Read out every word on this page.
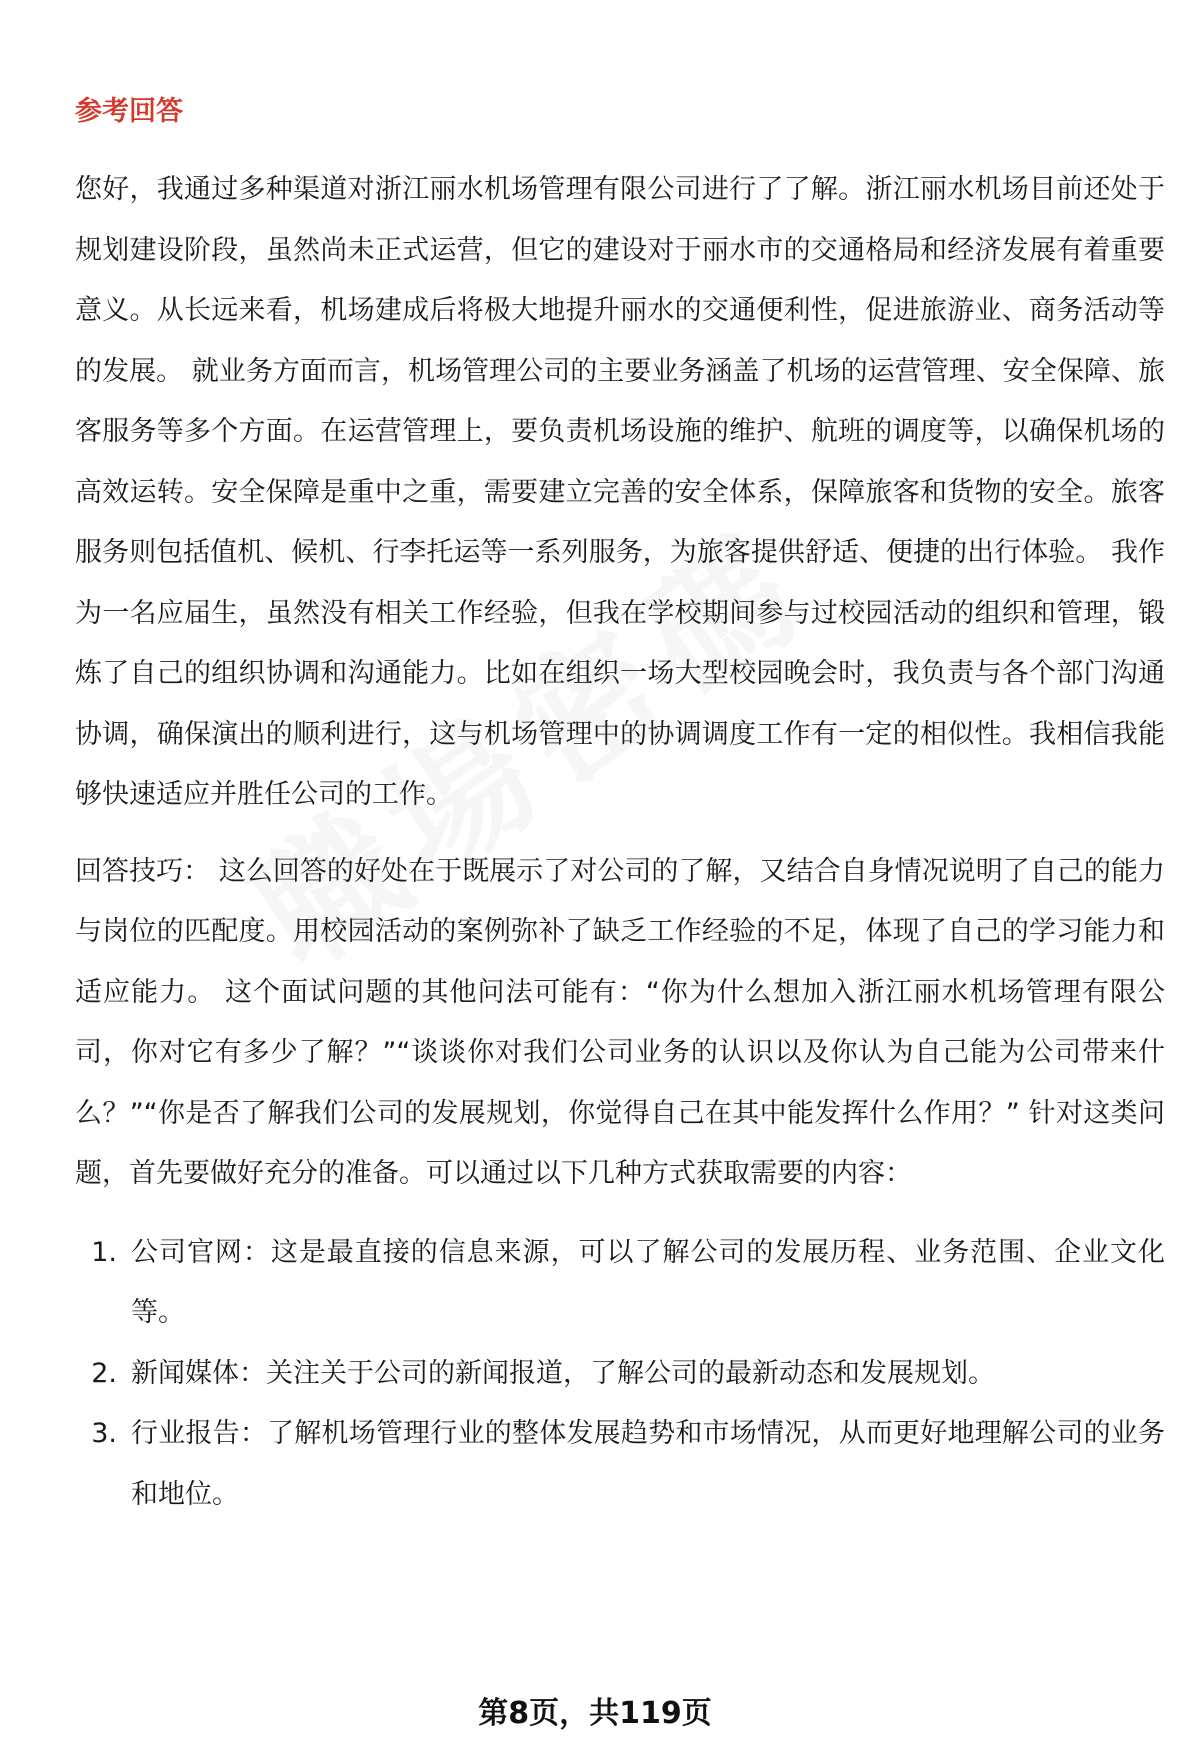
参考回答

您好，我通过多种渠道对浙江丽水机场管理有限公司进行了了解。浙江丽水机场目前还处于规划建设阶段，虽然尚未正式运营，但它的建设对于丽水市的交通格局和经济发展有着重要意义。从长远来看，机场建成后将极大地提升丽水的交通便利性，促进旅游业、商务活动等的发展。 就业务方面而言，机场管理公司的主要业务涵盖了机场的运营管理、安全保障、旅客服务等多个方面。在运营管理上，要负责机场设施的维护、航班的调度等，以确保机场的高效运转。安全保障是重中之重，需要建立完善的安全体系，保障旅客和货物的安全。旅客服务则包括值机、候机、行李托运等一系列服务，为旅客提供舒适、便捷的出行体验。 我作为一名应届生，虽然没有相关工作经验，但我在学校期间参与过校园活动的组织和管理，锻炼了自己的组织协调和沟通能力。比如在组织一场大型校园晚会时，我负责与各个部门沟通协调，确保演出的顺利进行，这与机场管理中的协调调度工作有一定的相似性。我相信我能够快速适应并胜任公司的工作。

回答技巧： 这么回答的好处在于既展示了对公司的了解，又结合自身情况说明了自己的能力与岗位的匹配度。用校园活动的案例弥补了缺乏工作经验的不足，体现了自己的学习能力和适应能力。 这个面试问题的其他问法可能有：“你为什么想加入浙江丽水机场管理有限公司，你对它有多少了解？”“谈谈你对我们公司业务的认识以及你认为自己能为公司带来什么？”“你是否了解我们公司的发展规划，你觉得自己在其中能发挥什么作用？” 针对这类问题，首先要做好充分的准备。可以通过以下几种方式获取需要的内容：

1. 公司官网：这是最直接的信息来源，可以了解公司的发展历程、业务范围、企业文化等。
2. 新闻媒体：关注关于公司的新闻报道，了解公司的最新动态和发展规划。
3. 行业报告：了解机场管理行业的整体发展趋势和市场情况，从而更好地理解公司的业务和地位。
第8页，共119页
